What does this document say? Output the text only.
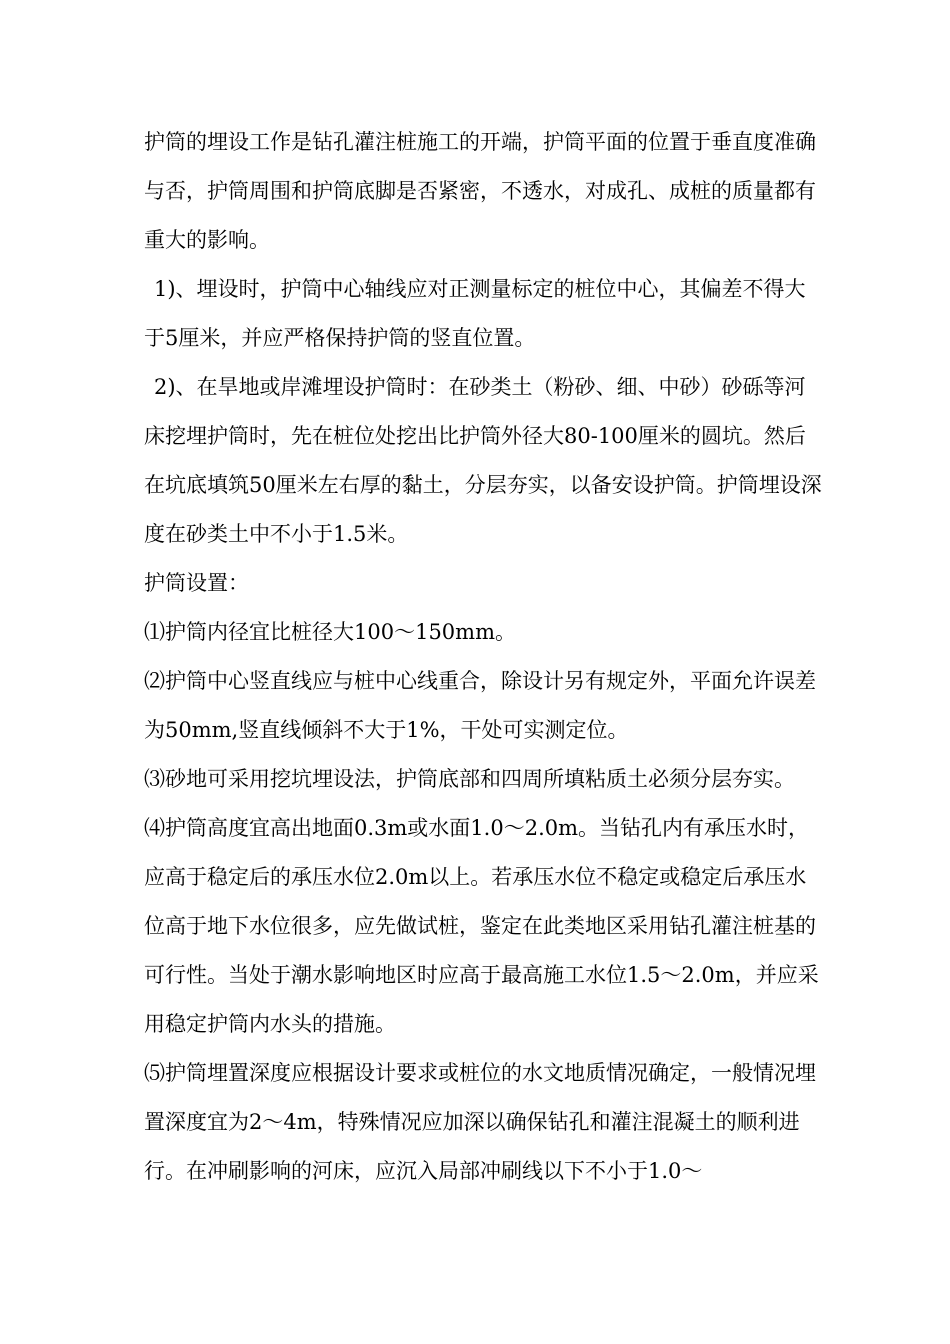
护筒的埋设工作是钻孔灌注桩施工的开端，护筒平面的位置于垂直度准确与否，护筒周围和护筒底脚是否紧密，不透水，对成孔、成桩的质量都有重大的影响。

1)、埋设时，护筒中心轴线应对正测量标定的桩位中心，其偏差不得大于5厘米，并应严格保持护筒的竖直位置。

2)、在旱地或岸滩埋设护筒时：在砂类土（粉砂、细、中砂）砂砾等河床挖埋护筒时，先在桩位处挖出比护筒外径大80-100厘米的圆坑。然后在坑底填筑50厘米左右厚的黏土，分层夯实，以备安设护筒。护筒埋设深度在砂类土中不小于1.5米。

护筒设置：

⑴护筒内径宜比桩径大100～150mm。

⑵护筒中心竖直线应与桩中心线重合，除设计另有规定外，平面允许误差为50mm,竖直线倾斜不大于1%，干处可实测定位。

⑶砂地可采用挖坑埋设法，护筒底部和四周所填粘质土必须分层夯实。

⑷护筒高度宜高出地面0.3m或水面1.0～2.0m。当钻孔内有承压水时，应高于稳定后的承压水位2.0m以上。若承压水位不稳定或稳定后承压水位高于地下水位很多，应先做试桩，鉴定在此类地区采用钻孔灌注桩基的可行性。当处于潮水影响地区时应高于最高施工水位1.5～2.0m，并应采用稳定护筒内水头的措施。

⑸护筒埋置深度应根据设计要求或桩位的水文地质情况确定，一般情况埋置深度宜为2～4m，特殊情况应加深以确保钻孔和灌注混凝土的顺利进行。在冲刷影响的河床，应沉入局部冲刷线以下不小于1.0～
